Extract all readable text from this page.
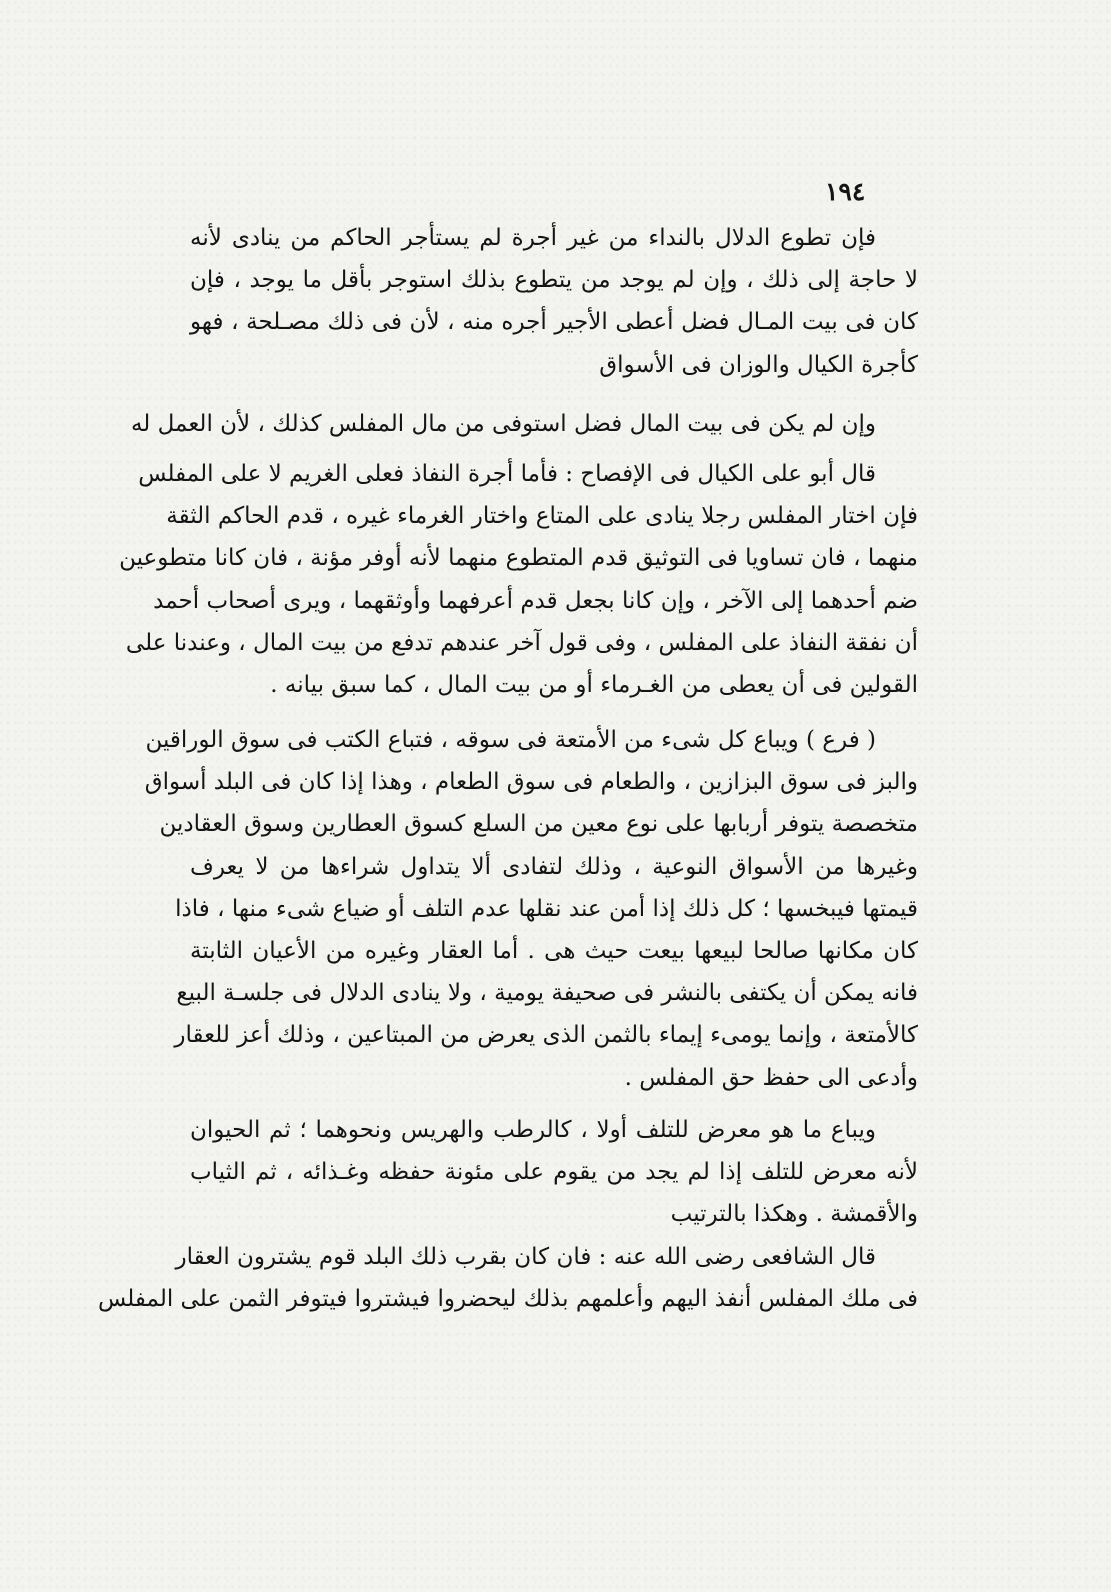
١٩٤
فإن تطوع الدلال بالنداء من غير أجرة لم يستأجر الحاكم من ينادى لأنه
لا حاجة إلى ذلك ، وإن لم يوجد من يتطوع بذلك استوجر بأقل ما يوجد ، فإن
كان فى بيت المـال فضل أعطى الأجير أجره منه ، لأن فى ذلك مصـلحة ، فهو
كأجرة الكيال والوزان فى الأسواق
وإن لم يكن فى بيت المال فضل استوفى من مال المفلس كذلك ، لأن العمل له
قال أبو على الكيال فى الإفصاح : فأما أجرة النفاذ فعلى الغريم لا على المفلس
فإن اختار المفلس رجلا ينادى على المتاع واختار الغرماء غيره ، قدم الحاكم الثقة
منهما ، فان تساويا فى التوثيق قدم المتطوع منهما لأنه أوفر مؤنة ، فان كانا متطوعين
ضم أحدهما إلى الآخر ، وإن كانا بجعل قدم أعرفهما وأوثقهما ، ويرى أصحاب أحمد
أن نفقة النفاذ على المفلس ، وفى قول آخر عندهم تدفع من بيت المال ، وعندنا على
القولين فى أن يعطى من الغـرماء أو من بيت المال ، كما سبق بيانه .
( فرع ) ويباع كل شىء من الأمتعة فى سوقه ، فتباع الكتب فى سوق الوراقين
والبز فى سوق البزازين ، والطعام فى سوق الطعام ، وهذا إذا كان فى البلد أسواق
متخصصة يتوفر أربابها على نوع معين من السلع كسوق العطارين وسوق العقادين
وغيرها من الأسواق النوعية ، وذلك لتفادى ألا يتداول شراءها من لا يعرف
قيمتها فيبخسها ؛ كل ذلك إذا أمن عند نقلها عدم التلف أو ضياع شىء منها ، فاذا
كان مكانها صالحا لبيعها بيعت حيث هى . أما العقار وغيره من الأعيان الثابتة
فانه يمكن أن يكتفى بالنشر فى صحيفة يومية ، ولا ينادى الدلال فى جلسـة البيع
كالأمتعة ، وإنما يومىء إيماء بالثمن الذى يعرض من المبتاعين ، وذلك أعز للعقار
وأدعى الى حفظ حق المفلس .
ويباع ما هو معرض للتلف أولا ، كالرطب والهريس ونحوهما ؛ ثم الحيوان
لأنه معرض للتلف إذا لم يجد من يقوم على مئونة حفظه وغـذائه ، ثم الثياب
والأقمشة . وهكذا بالترتيب
قال الشافعى رضى الله عنه : فان كان بقرب ذلك البلد قوم يشترون العقار
فى ملك المفلس أنفذ اليهم وأعلمهم بذلك ليحضروا فيشتروا فيتوفر الثمن على المفلس
